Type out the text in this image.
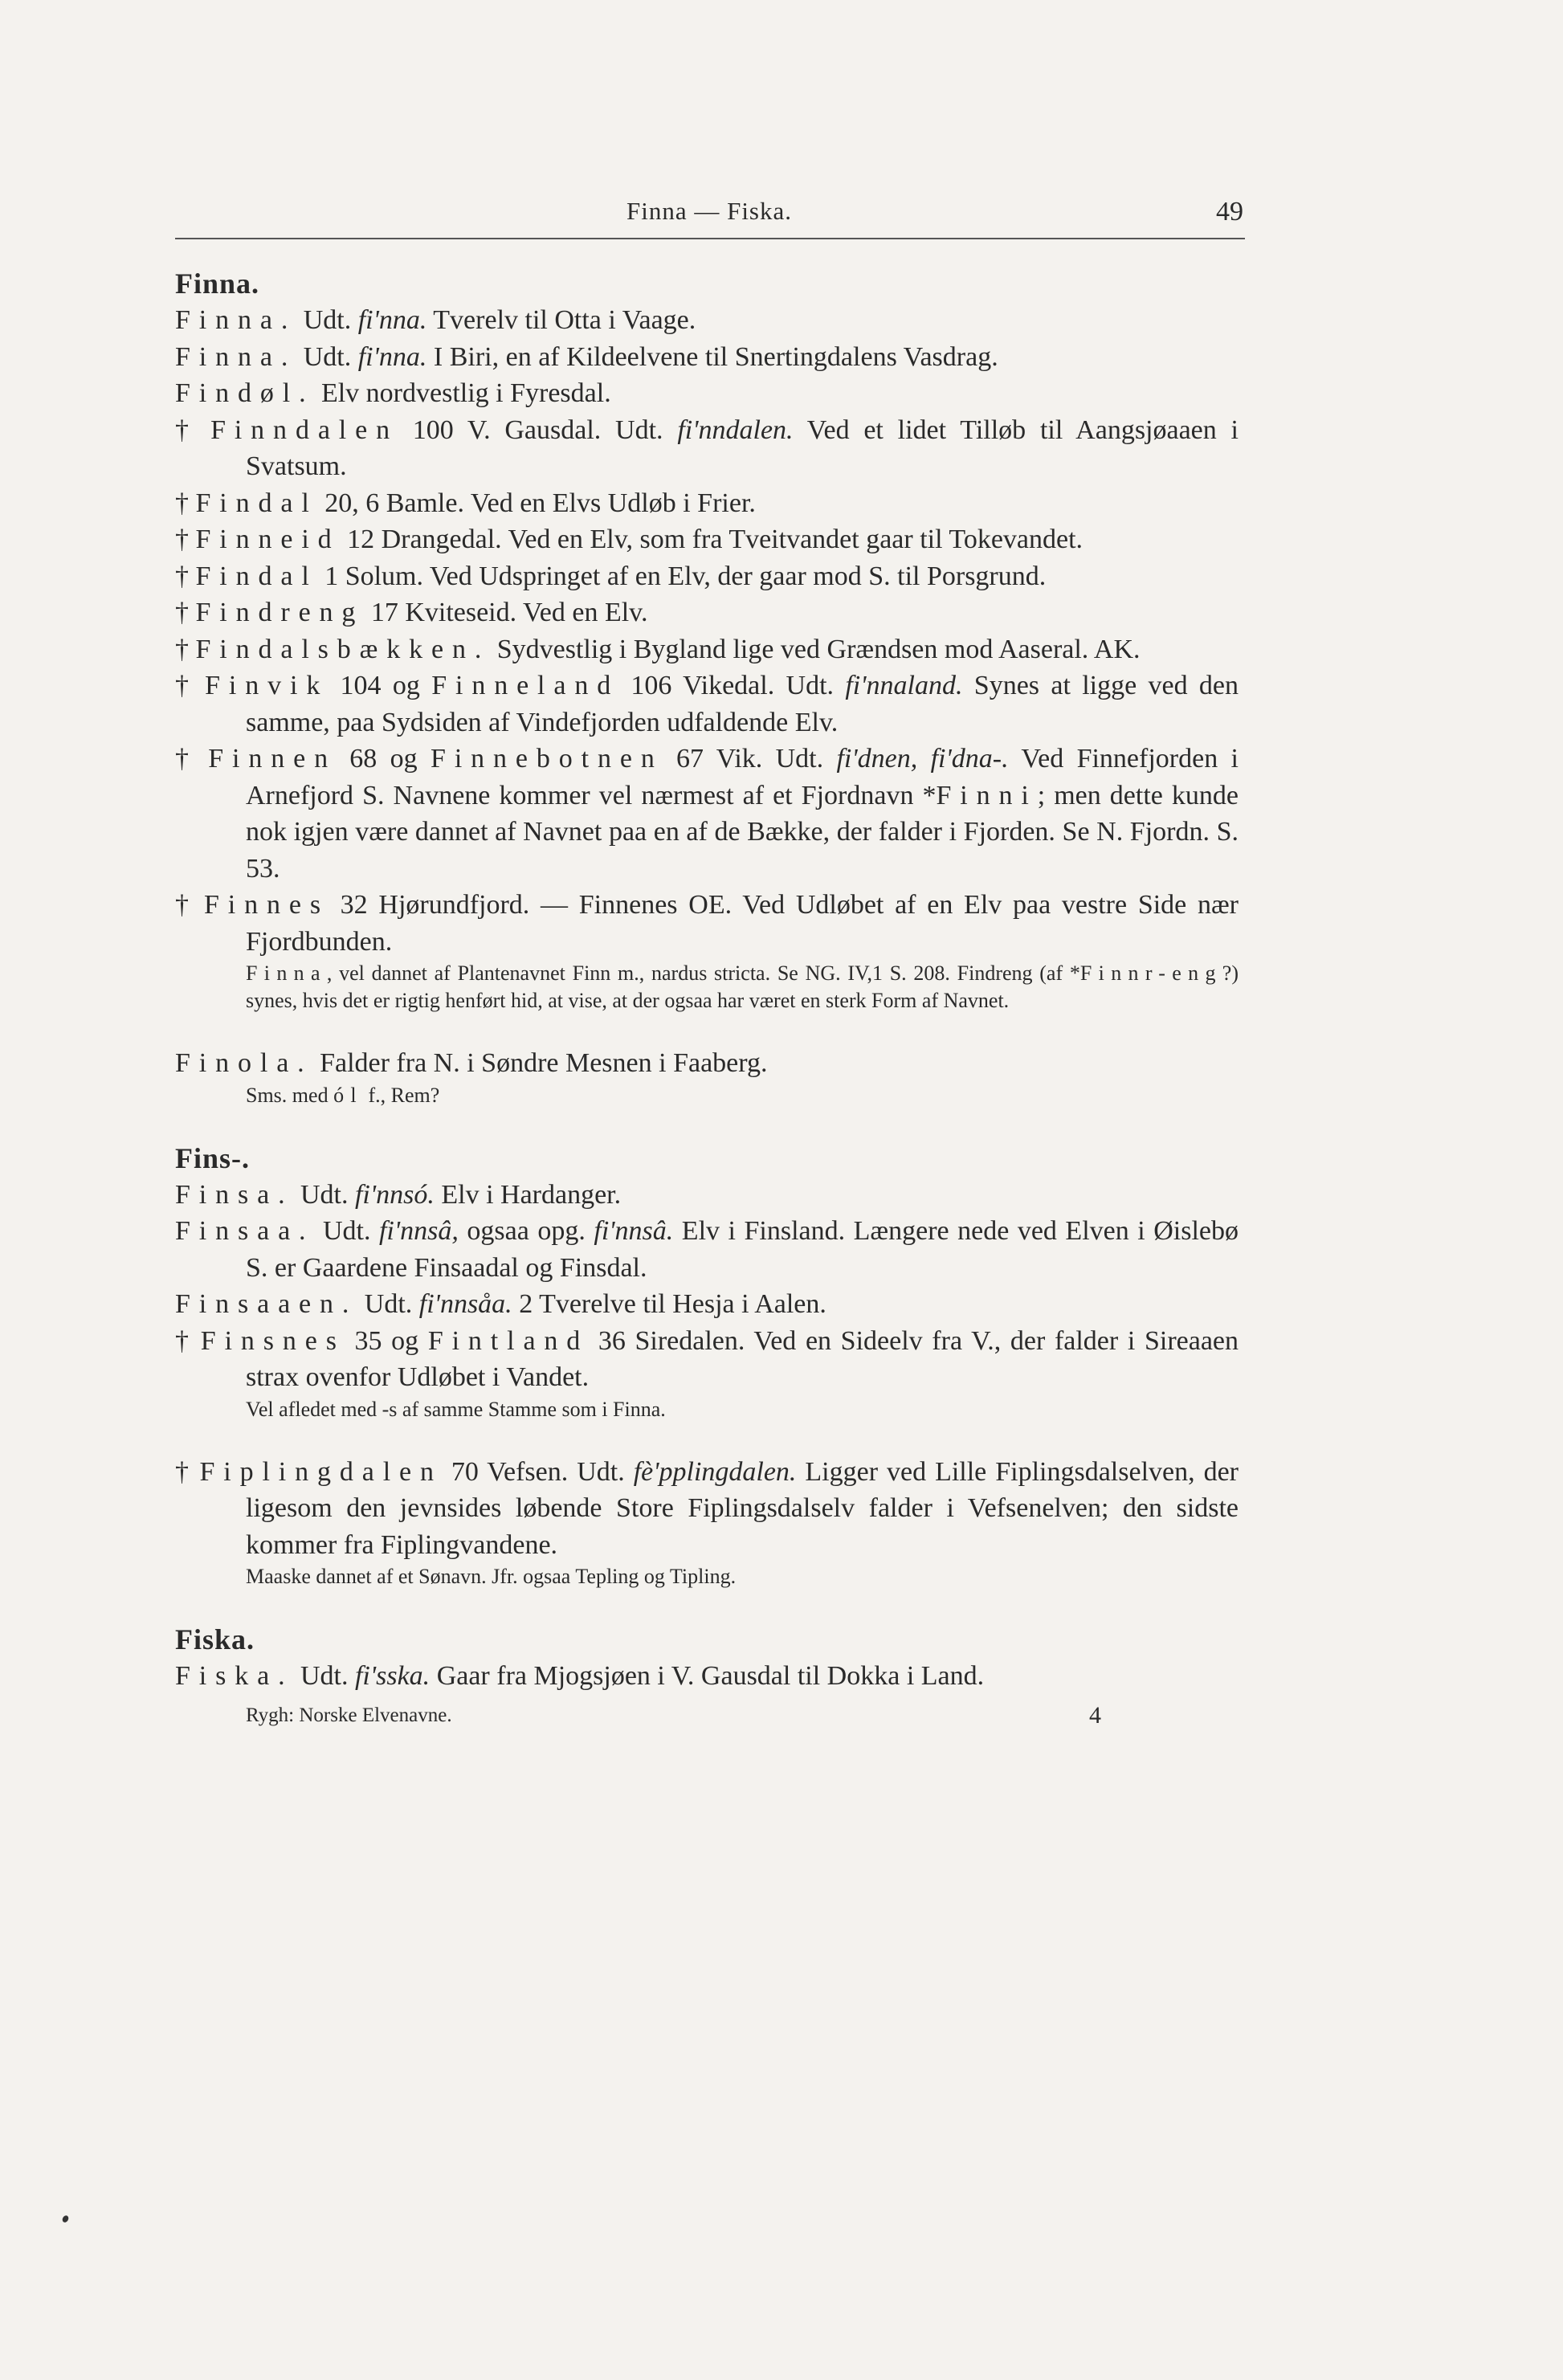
Finna — Fiska.	49

Finna.

Finna. Udt. fi'nna. Tverelv til Otta i Vaage.

Finna. Udt. fi'nna. I Biri, en af Kildeelvene til Snertingdalens Vasdrag.

Findøl. Elv nordvestlig i Fyresdal.

† Finndalen 100 V. Gausdal. Udt. fi'nndalen. Ved et lidet Tilløb til Aangsjøaaen i Svatsum.

† Findal 20, 6 Bamle. Ved en Elvs Udløb i Frier.

† Finneid 12 Drangedal. Ved en Elv, som fra Tveitvandet gaar til Tokevandet.

† Findal 1 Solum. Ved Udspringet af en Elv, der gaar mod S. til Porsgrund.

† Findreng 17 Kviteseid. Ved en Elv.

† Findalsbækken. Sydvestlig i Bygland lige ved Grændsen mod Aaseral. AK.

† Finvik 104 og Finneland 106 Vikedal. Udt. fi'nnaland. Synes at ligge ved den samme, paa Sydsiden af Vindefjorden udfaldende Elv.

† Finnen 68 og Finnebotnen 67 Vik. Udt. fi'dnen, fi'dna-. Ved Finnefjorden i Arnefjord S. Navnene kommer vel nærmest af et Fjordnavn *Finni; men dette kunde nok igjen være dannet af Navnet paa en af de Bække, der falder i Fjorden. Se N. Fjordn. S. 53.

† Finnes 32 Hjørundfjord. — Finnenes OE. Ved Udløbet af en Elv paa vestre Side nær Fjordbunden.

Finna, vel dannet af Plantenavnet Finn m., nardus stricta. Se NG. IV,1 S. 208. Findreng (af *Finnr-eng?) synes, hvis det er rigtig henført hid, at vise, at der ogsaa har været en sterk Form af Navnet.

Finola. Falder fra N. i Søndre Mesnen i Faaberg.

Sms. med ól f., Rem?

Fins-.

Finsa. Udt. fi'nnsó. Elv i Hardanger.

Finsaa. Udt. fi'nnsâ, ogsaa opg. fi'nnsâ. Elv i Finsland. Længere nede ved Elven i Øislebø S. er Gaardene Finsaadal og Finsdal.

Finsaaen. Udt. fi'nnsåa. 2 Tverelve til Hesja i Aalen.

† Finsnes 35 og Fintland 36 Siredalen. Ved en Sideelv fra V., der falder i Sireaaen strax ovenfor Udløbet i Vandet.

Vel afledet med -s af samme Stamme som i Finna.

† Fiplingdalen 70 Vefsen. Udt. fè'pplingdalen. Ligger ved Lille Fiplingsdalselven, der ligesom den jevnsides løbende Store Fiplingsdalselv falder i Vefsenelven; den sidste kommer fra Fiplingvandene.

Maaske dannet af et Sønavn. Jfr. ogsaa Tepling og Tipling.

Fiska.

Fiska. Udt. fi'sska. Gaar fra Mjogsjøen i V. Gausdal til Dokka i Land.

Rygh: Norske Elvenavne.	4
